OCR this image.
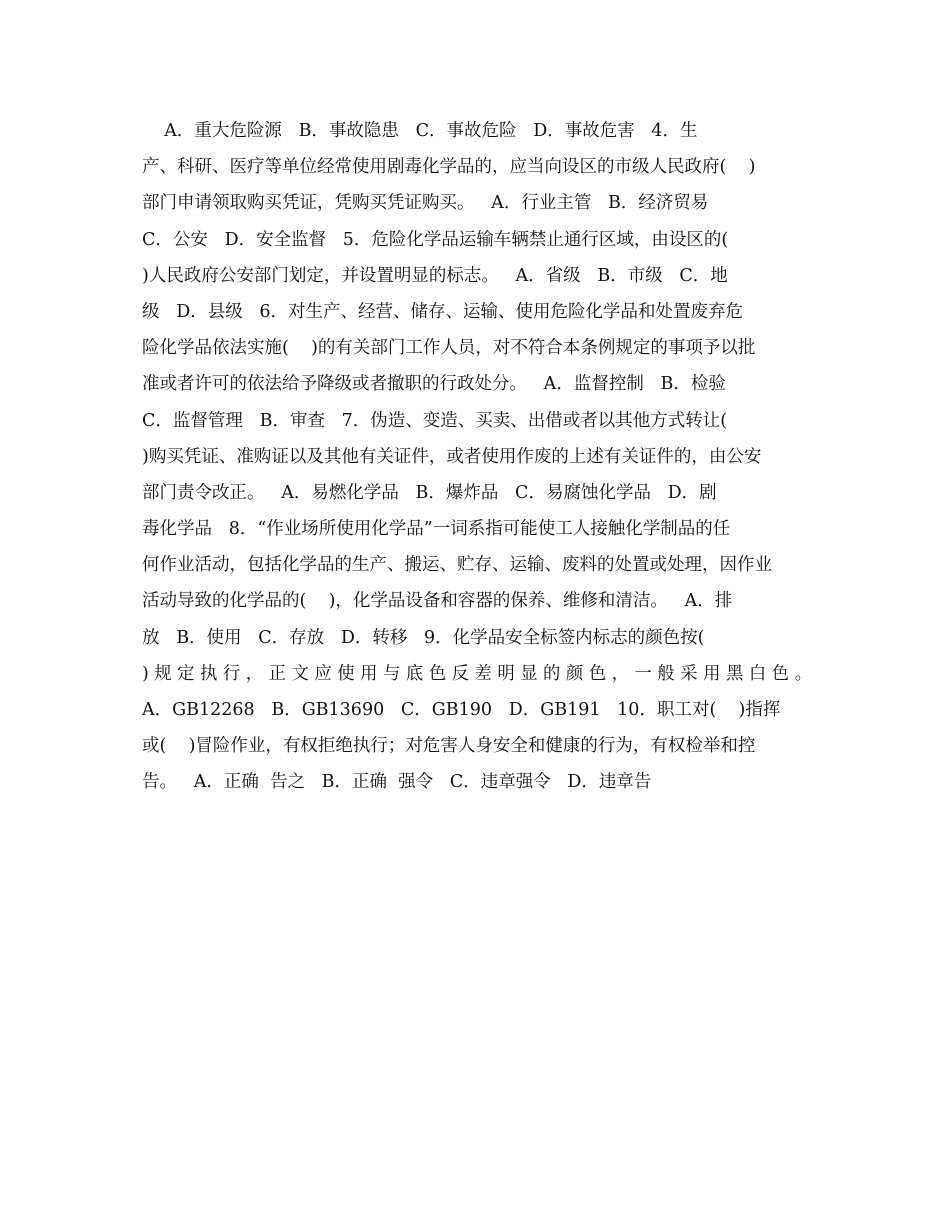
A．重大危险源   B．事故隐患   C．事故危险   D．事故危害   4．生
产、科研、医疗等单位经常使用剧毒化学品的，应当向设区的市级人民政府(    )
部门申请领取购买凭证，凭购买凭证购买。   A．行业主管   B．经济贸易
C．公安   D．安全监督   5．危险化学品运输车辆禁止通行区域，由设区的(
)人民政府公安部门划定，并设置明显的标志。   A．省级   B．市级   C．地
级   D．县级   6．对生产、经营、储存、运输、使用危险化学品和处置废弃危
险化学品依法实施(    )的有关部门工作人员，对不符合本条例规定的事项予以批
准或者许可的依法给予降级或者撤职的行政处分。   A．监督控制   B．检验
C．监督管理   B．审查   7．伪造、变造、买卖、出借或者以其他方式转让(
)购买凭证、准购证以及其他有关证件，或者使用作废的上述有关证件的，由公安
部门责令改正。   A．易燃化学品   B．爆炸品   C．易腐蚀化学品   D．剧
毒化学品   8．“作业场所使用化学品”一词系指可能使工人接触化学制品的任
何作业活动，包括化学品的生产、搬运、贮存、运输、废料的处置或处理，因作业
活动导致的化学品的(    )，化学品设备和容器的保养、维修和清洁。   A．排
放   B．使用   C．存放   D．转移   9．化学品安全标签内标志的颜色按(
) 规 定 执 行 ， 正 文 应 使 用 与 底 色 反 差 明 显 的 颜 色 ， 一 般 采 用 黑 白 色 。
A．GB12268   B．GB13690   C．GB190   D．GB191   10．职工对(    )指挥
或(    )冒险作业，有权拒绝执行；对危害人身安全和健康的行为，有权检举和控
告。   A．正确  告之   B．正确  强令   C．违章强令   D．违章告
